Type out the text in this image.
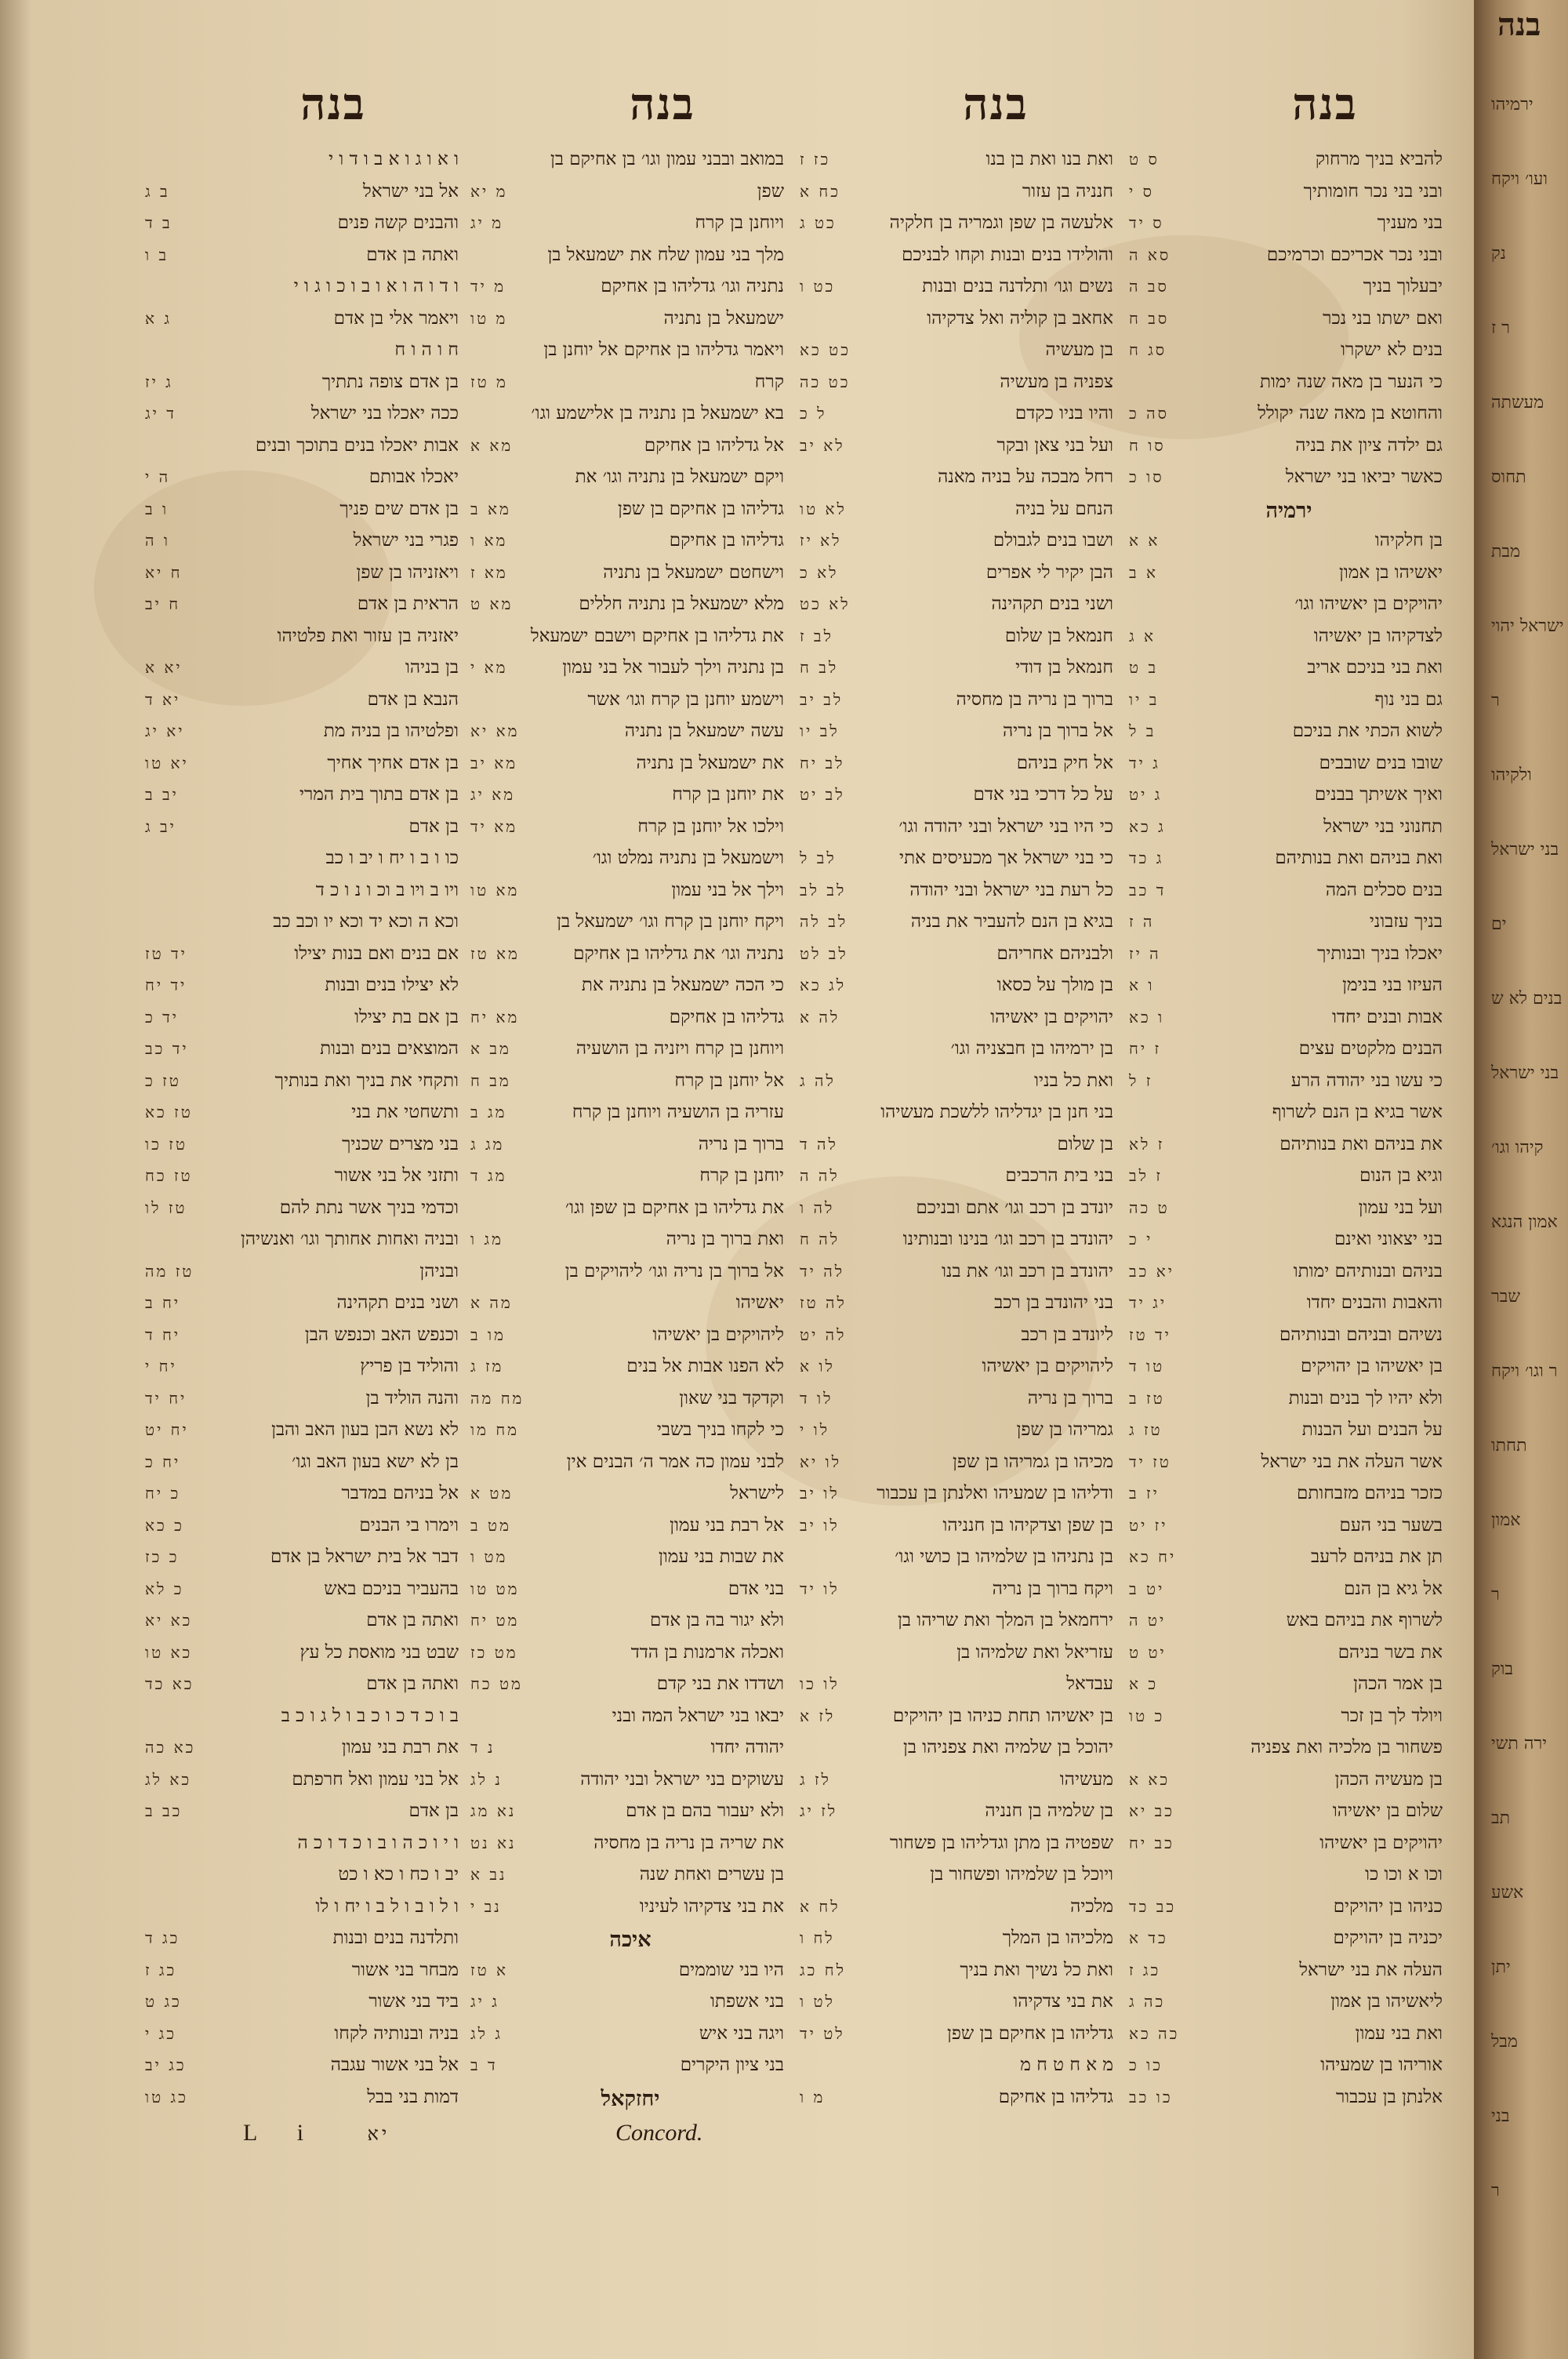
בנה
בנה
בנה
בנה
להביא בניך מרחוק
ס ט
ובני בני נכר חומותיך
ס י
בני מעניך
ס יד
ובני נכר אכריכם וכרמיכם
סא ה
יבעלוך בניך
סב ה
ואם ישתו בני נכר
סב ח
בנים לא ישקרו
סג ח
כי הנער בן מאה שנה ימות
והחוטא בן מאה שנה יקולל
סה כ
גם ילדה ציון את בניה
סו ח
כאשר יביאו בני ישראל
סו כ
ירמיה
בן חלקיהו
א א
יאשיהו בן אמון
א ב
יהויקים בן יאשיהו וגו׳
לצדקיהו בן יאשיהו
א ג
ואת בני בניכם אריב
ב ט
גם בני נוף
ב יו
לשוא הכתי את בניכם
ב ל
שובו בנים שובבים
ג יד
ואיך אשיתך בבנים
ג יט
תחנוני בני ישראל
ג כא
ואת בניהם ואת בנותיהם
ג כד
בנים סכלים המה
ד כב
בניך עזבוני
ה ז
יאכלו בניך ובנותיך
ה יז
העיזו בני בנימן
ו א
אבות ובנים יחדו
ו כא
הבנים מלקטים עצים
ז יח
כי עשו בני יהודה הרע
ז ל
אשר בגיא בן הנם לשרוף
את בניהם ואת בנותיהם
ז לא
וגיא בן הנום
ז לב
ועל בני עמון
ט כה
בני יצאוני ואינם
י כ
בניהם ובנותיהם ימותו
יא כב
והאבות והבנים יחדו
יג יד
נשיהם ובניהם ובנותיהם
יד טז
בן יאשיהו בן יהויקים
טו ד
ולא יהיו לך בנים ובנות
טז ב
על הבנים ועל הבנות
טז ג
אשר העלה את בני ישראל
טז יד
כזכר בניהם מזבחותם
יז ב
בשער בני העם
יז יט
תן את בניהם לרעב
יח כא
אל גיא בן הנם
יט ב
לשרוף את בניהם באש
יט ה
את בשר בניהם
יט ט
בן אמר הכהן
כ א
ויולד לך בן זכר
כ טו
פשחור בן מלכיה ואת צפניה
בן מעשיה הכהן
כא א
שלום בן יאשיהו
כב יא
יהויקים בן יאשיהו
כב יח
וכו א וכו כו
כניהו בן יהויקים
כב כד
יכניה בן יהויקים
כד א
העלה את בני ישראל
כג ז
ליאשיהו בן אמון
כה ג
ואת בני עמון
כה כא
אוריהו בן שמעיהו
כו כ
אלנתן בן עכבור
כו כב
ואת בנו ואת בן בנו
כז ז
חנניה בן עזור
כח א
אלעשה בן שפן וגמריה בן חלקיה
כט ג
והולידו בנים ובנות וקחו לבניכם
נשים וגו׳ ותלדנה בנים ובנות
כט ו
אחאב בן קוליה ואל צדקיהו
בן מעשיה
כט כא
צפניה בן מעשיה
כט כה
והיו בניו כקדם
ל כ
ועל בני צאן ובקר
לא יב
רחל מבכה על בניה מאנה
הנחם על בניה
לא טו
ושבו בנים לגבולם
לא יז
הבן יקיר לי אפרים
לא כ
ושני בנים תקהינה
לא כט
חנמאל בן שלום
לב ז
חנמאל בן דודי
לב ח
ברוך בן נריה בן מחסיה
לב יב
אל ברוך בן נריה
לב יו
אל חיק בניהם
לב יח
על כל דרכי בני אדם
לב יט
כי היו בני ישראל ובני יהודה וגו׳
כי בני ישראל אך מכעיסים אתי
לב ל
כל רעת בני ישראל ובני יהודה
לב לב
בגיא בן הנם להעביר את בניה
לב לה
ולבניהם אחריהם
לב לט
בן מולך על כסאו
לג כא
יהויקים בן יאשיהו
לה א
בן ירמיהו בן חבצניה וגו׳
ואת כל בניו
לה ג
בני חנן בן יגדליהו ללשכת מעשיהו
בן שלום
לה ד
בני בית הרכבים
לה ה
יונדב בן רכב וגו׳ אתם ובניכם
לה ו
יהונדב בן רכב וגו׳ בנינו ובנותינו
לה ח
יהונדב בן רכב וגו׳ את בנו
לה יד
בני יהונדב בן רכב
לה טז
ליונדב בן רכב
לה יט
ליהויקים בן יאשיהו
לו א
ברוך בן נריה
לו ד
גמריהו בן שפן
לו י
מכיהו בן גמריהו בן שפן
לו יא
ודליהו בן שמעיהו ואלנתן בן עכבור
לו יב
בן שפן וצדקיהו בן חנניהו
לו יב
בן נתניהו בן שלמיהו בן כושי וגו׳
ויקח ברוך בן נריה
לו יד
ירחמאל בן המלך ואת שריהו בן
עזריאל ואת שלמיהו בן
עבדאל
לו כו
בן יאשיהו תחת כניהו בן יהויקים
לז א
יהוכל בן שלמיה ואת צפניהו בן
מעשיהו
לז ג
בן שלמיה בן חנניה
לז יג
שפטיה בן מתן וגדליהו בן פשחור
ויוכל בן שלמיהו ופשחור בן
מלכיה
לח א
מלכיהו בן המלך
לח ו
ואת כל נשיך ואת בניך
לח כג
את בני צדקיהו
לט ו
גדליהו בן אחיקם בן שפן
לט יד
מ א ח ט ח מ
גדליהו בן אחיקם
מ ו
במואב ובבני עמון וגו׳ בן אחיקם בן
שפן
מ יא
ויוחנן בן קרח
מ יג
מלך בני עמון שלח את ישמעאל בן
נתניה וגו׳ גדליהו בן אחיקם
מ יד
ישמעאל בן נתניה
מ טו
ויאמר גדליהו בן אחיקם אל יוחנן בן
קרח
מ טז
בא ישמעאל בן נתניה בן אלישמע וגו׳
אל גדליהו בן אחיקם
מא א
ויקם ישמעאל בן נתניה וגו׳ את
גדליהו בן אחיקם בן שפן
מא ב
גדליהו בן אחיקם
מא ו
וישחטם ישמעאל בן נתניה
מא ז
מלא ישמעאל בן נתניה חללים
מא ט
את גדליהו בן אחיקם וישבם ישמעאל
בן נתניה וילך לעבור אל בני עמון
מא י
וישמע יוחנן בן קרח וגו׳ אשר
עשה ישמעאל בן נתניה
מא יא
את ישמעאל בן נתניה
מא יב
את יוחנן בן קרח
מא יג
וילכו אל יוחנן בן קרח
מא יד
וישמעאל בן נתניה נמלט וגו׳
וילך אל בני עמון
מא טו
ויקח יוחנן בן קרח וגו׳ ישמעאל בן
נתניה וגו׳ את גדליהו בן אחיקם
מא טז
כי הכה ישמעאל בן נתניה את
גדליהו בן אחיקם
מא יח
ויוחנן בן קרח ויזניה בן הושעיה
מב א
אל יוחנן בן קרח
מב ח
עזריה בן הושעיה ויוחנן בן קרח
מג ב
ברוך בן נריה
מג ג
יוחנן בן קרח
מג ד
את גדליהו בן אחיקם בן שפן וגו׳
ואת ברוך בן נריה
מג ו
אל ברוך בן נריה וגו׳ ליהויקים בן
יאשיהו
מה א
ליהויקים בן יאשיהו
מו ב
לא הפנו אבות אל בנים
מז ג
וקדקד בני שאון
מח מה
כי לקחו בניך בשבי
מח מו
לבני עמון כה אמר ה׳ הבנים אין
לישראל
מט א
אל רבת בני עמון
מט ב
את שבות בני עמון
מט ו
בני אדם
מט טו
ולא יגור בה בן אדם
מט יח
ואכלה ארמנות בן הדד
מט כז
ושדדו את בני קדם
מט כח
יבאו בני ישראל המה ובני
יהודה יחדו
נ ד
עשוקים בני ישראל ובני יהודה
נ לג
ולא יעבור בהם בן אדם
נא מג
את שריה בן נריה בן מחסיה
נא נט
בן עשרים ואחת שנה
נב א
את בני צדקיהו לעיניו
נב י
איכה
היו בני שוממים
א טז
בני אשפתו
ג יג
ויגה בני איש
ג לג
בני ציון היקרים
ד ב
יחזקאל
ו א ו ג ו א ב ו ד ו י
אל בני ישראל
ב ג
והבנים קשה פנים
ב ד
ואתה בן אדם
ב ו
ו ד ו ה ו א ו ב ו כ ו ג ו י
ויאמר אלי בן אדם
ג א
ח ו ה ו ח
בן אדם צופה נתתיך
ג יז
ככה יאכלו בני ישראל
ד יג
אבות יאכלו בנים בתוכך ובנים
יאכלו אבותם
ה י
בן אדם שים פניך
ו ב
פגרי בני ישראל
ו ה
ויאזניהו בן שפן
ח יא
הראית בן אדם
ח יב
יאזניה בן עזור ואת פלטיהו
בן בניהו
יא א
הנבא בן אדם
יא ד
ופלטיהו בן בניה מת
יא יג
בן אדם אחיך אחיך
יא טו
בן אדם בתוך בית המרי
יב ב
בן אדם
יב ג
כו ו ב ו יח ו יב ו כב
ויו ב ויו ב וכ ו נ ו כ ד
וכא ה וכא יד וכא יו וכב כב
אם בנים ואם בנות יצילו
יד טז
לא יצילו בנים ובנות
יד יח
בן אם בת יצילו
יד כ
המוצאים בנים ובנות
יד כב
ותקחי את בניך ואת בנותיך
טז כ
ותשחטי את בני
טז כא
בני מצרים שכניך
טז כו
ותזני אל בני אשור
טז כח
וכדמי בניך אשר נתת להם
טז לו
ובניה ואחות אחותך וגו׳ ואנשיהן
ובניהן
טז מה
ושני בנים תקהינה
יח ב
וכנפש האב וכנפש הבן
יח ד
והוליד בן פריץ
יח י
והנה הוליד בן
יח יד
לא נשא הבן בעון האב והבן
יח יט
בן לא ישא בעון האב וגו׳
יח כ
אל בניהם במדבר
כ יח
וימרו בי הבנים
כ כא
דבר אל בית ישראל בן אדם
כ כז
בהעביר בניכם באש
כ לא
ואתה בן אדם
כא יא
שבט בני מואסת כל עץ
כא טו
ואתה בן אדם
כא כד
ב ו כ ד כ ו כ ב ו ל ג ו כ ב
את רבת בני עמון
כא כה
אל בני עמון ואל חרפתם
כא לג
בן אדם
כב ב
ו י ו כ ה ו ב ו כ ד ו כ ה
יב ו כח ו כא ו כט
ו ל ו ב ו ל ב ו יח ו לו
ותלדנה בנים ובנות
כג ד
מבחר בני אשור
כג ז
ביד בני אשור
כג ט
בניה ובנותיה לקחו
כג י
אל בני אשור עגבה
כג יב
דמות בני בבל
כג טו
L i יא	Concord.
בנה
ירמיהו
ועו׳ ויקח
נק
ר ז
מעשתה
תחוס
מבת
ישראל יהוי
ר
ולקיהו
בני ישראל
ים
בנים לא ש
בני ישראל
קיהו וגו׳
אמון הנגא
שבר
ר וגו׳ ויקח
תחתו
אמון
ר
בוק
ירה תשי
תב
אשע
יתן
מבל
בני
ר
